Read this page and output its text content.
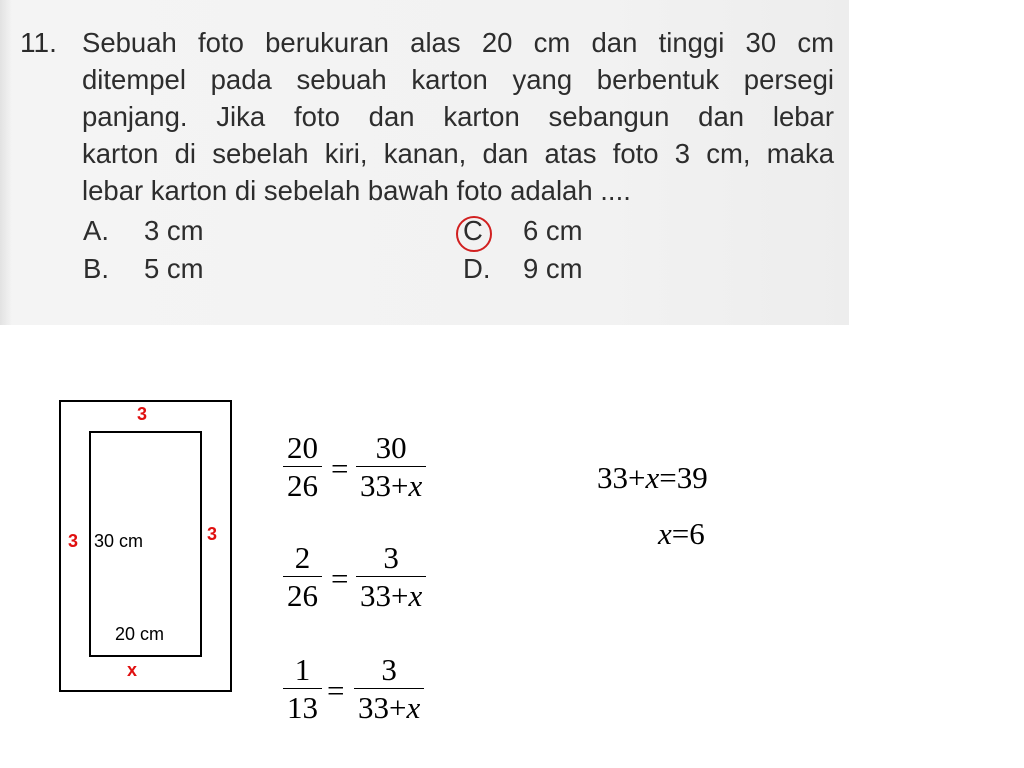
11. Sebuah foto berukuran alas 20 cm dan tinggi 30 cm
ditempel pada sebuah karton yang berbentuk persegi
panjang. Jika foto dan karton sebangun dan lebar
karton di sebelah kiri, kanan, dan atas foto 3 cm, maka
lebar karton di sebelah bawah foto adalah ....
A. 3 cm
B. 5 cm
C 6 cm
D. 9 cm
3
3	3
x
30 cm
20 cm
20
26 =
30
33+x
2
26 =
3
33+x
1
13 =
3
33+x
33+x=39
x=6
